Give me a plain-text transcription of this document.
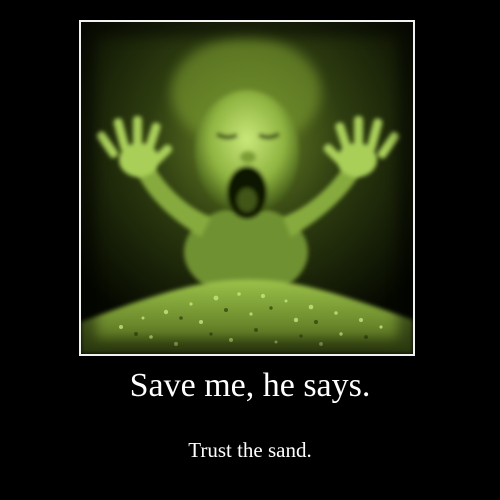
Save me, he says.
Trust the sand.
